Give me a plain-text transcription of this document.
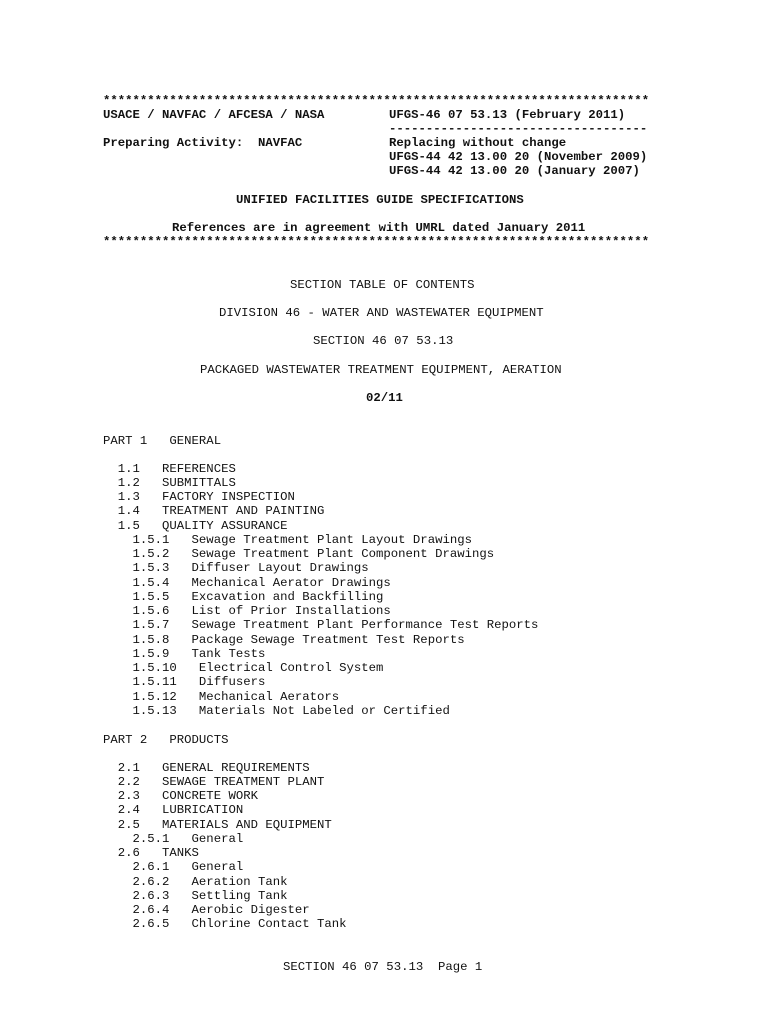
**************************************************************************
USACE / NAVFAC / AFCESA / NASA	UFGS-46 07 53.13 (February 2011)
-----------------------------------
Preparing Activity:  NAVFAC	Replacing without change
UFGS-44 42 13.00 20 (November 2009)
UFGS-44 42 13.00 20 (January 2007)
UNIFIED FACILITIES GUIDE SPECIFICATIONS
References are in agreement with UMRL dated January 2011
**************************************************************************
SECTION TABLE OF CONTENTS
DIVISION 46 - WATER AND WASTEWATER EQUIPMENT
SECTION 46 07 53.13
PACKAGED WASTEWATER TREATMENT EQUIPMENT, AERATION
02/11
PART 1   GENERAL
1.1   REFERENCES
1.2   SUBMITTALS
1.3   FACTORY INSPECTION
1.4   TREATMENT AND PAINTING
1.5   QUALITY ASSURANCE
1.5.1   Sewage Treatment Plant Layout Drawings
1.5.2   Sewage Treatment Plant Component Drawings
1.5.3   Diffuser Layout Drawings
1.5.4   Mechanical Aerator Drawings
1.5.5   Excavation and Backfilling
1.5.6   List of Prior Installations
1.5.7   Sewage Treatment Plant Performance Test Reports
1.5.8   Package Sewage Treatment Test Reports
1.5.9   Tank Tests
1.5.10   Electrical Control System
1.5.11   Diffusers
1.5.12   Mechanical Aerators
1.5.13   Materials Not Labeled or Certified
PART 2   PRODUCTS
2.1   GENERAL REQUIREMENTS
2.2   SEWAGE TREATMENT PLANT
2.3   CONCRETE WORK
2.4   LUBRICATION
2.5   MATERIALS AND EQUIPMENT
2.5.1   General
2.6   TANKS
2.6.1   General
2.6.2   Aeration Tank
2.6.3   Settling Tank
2.6.4   Aerobic Digester
2.6.5   Chlorine Contact Tank
SECTION 46 07 53.13  Page 1
